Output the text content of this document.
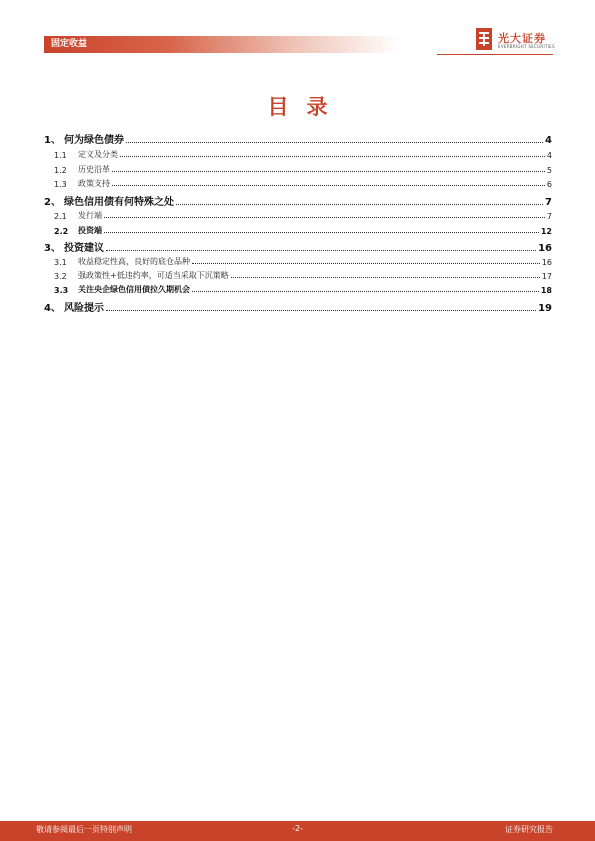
固定收益	光大证券
EVERBRIGHT SECURITIES
目录
1、 何为绿色债券	4
1.1	定义及分类	4
1.2	历史沿革	5
1.3	政策支持	6
2、 绿色信用债有何特殊之处	7
2.1	发行端	7
2.2	投资端	12
3、 投资建议	16
3.1	收益稳定性高，良好的底仓品种	16
3.2	强政策性+低违约率，可适当采取下沉策略	17
3.3	关注央企绿色信用债拉久期机会	18
4、 风险提示	19
敬请参阅最后一页特别声明	-2-	证券研究报告
